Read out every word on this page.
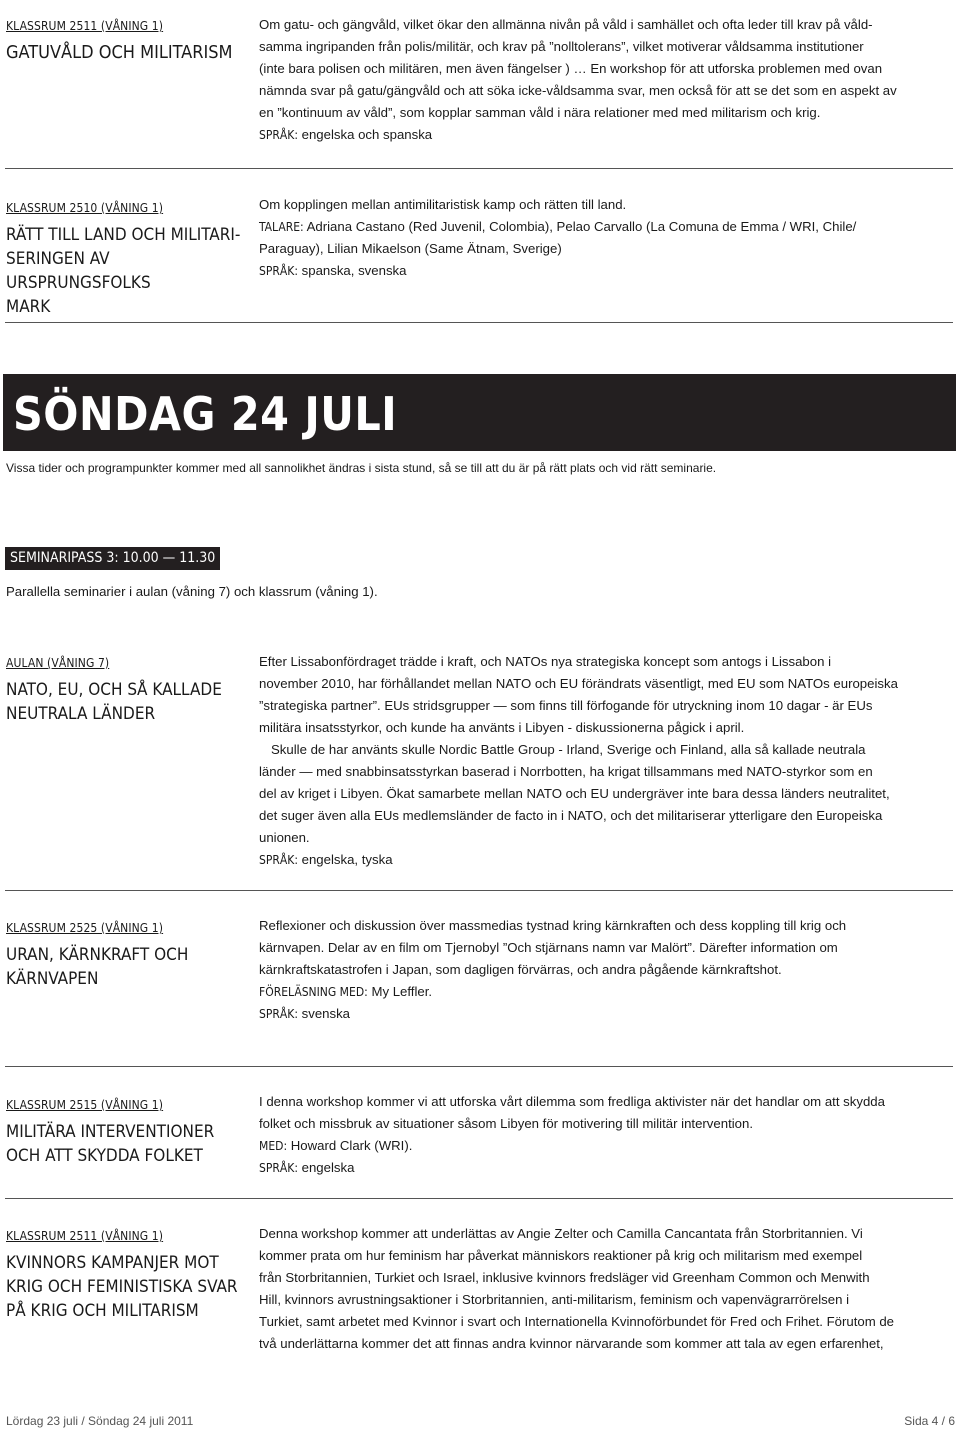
KLASSRUM 2511 (VÅNING 1)
GATUVÅLD OCH MILITARISM
Om gatu- och gängvåld, vilket ökar den allmänna nivån på våld i samhället och ofta leder till krav på våld-
samma ingripanden från polis/militär, och krav på ”nolltolerans”, vilket motiverar våldsamma institutioner
(inte bara polisen och militären, men även fängelser ) … En workshop för att utforska problemen med ovan
nämnda svar på gatu/gängvåld och att söka icke-våldsamma svar, men också för att se det som en aspekt av
en ”kontinuum av våld”, som kopplar samman våld i nära relationer med med militarism och krig.
SPRÅK: engelska och spanska
KLASSRUM 2510 (VÅNING 1)
RÄTT TILL LAND OCH MILITARI-
SERINGEN AV URSPRUNGSFOLKS
MARK
Om kopplingen mellan antimilitaristisk kamp och rätten till land.
TALARE: Adriana Castano (Red Juvenil, Colombia), Pelao Carvallo (La Comuna de Emma / WRI, Chile/
Paraguay), Lilian Mikaelson (Same Ätnam, Sverige)
SPRÅK: spanska, svenska
SÖNDAG 24 JULI
Vissa tider och programpunkter kommer med all sannolikhet ändras i sista stund, så se till att du är på rätt plats och vid rätt seminarie.
SEMINARIPASS 3: 10.00 — 11.30
Parallella seminarier i aulan (våning 7) och klassrum (våning 1).
AULAN (VÅNING 7)
NATO, EU, OCH SÅ KALLADE
NEUTRALA LÄNDER
Efter Lissabonfördraget trädde i kraft, och NATOs nya strategiska koncept som antogs i Lissabon i
november 2010, har förhållandet mellan NATO och EU förändrats väsentligt, med EU som NATOs europeiska
”strategiska partner”. EUs stridsgrupper — som finns till förfogande för utryckning inom 10 dagar - är EUs
militära insatsstyrkor, och kunde ha använts i Libyen - diskussionerna pågick i april.
Skulle de har använts skulle Nordic Battle Group - Irland, Sverige och Finland, alla så kallade neutrala
länder — med snabbinsatsstyrkan baserad i Norrbotten, ha krigat tillsammans med NATO-styrkor som en
del av kriget i Libyen. Ökat samarbete mellan NATO och EU undergräver inte bara dessa länders neutralitet,
det suger även alla EUs medlemsländer de facto in i NATO, och det militariserar ytterligare den Europeiska
unionen.
SPRÅK: engelska, tyska
KLASSRUM 2525 (VÅNING 1)
URAN, KÄRNKRAFT OCH
KÄRNVAPEN
Reflexioner och diskussion över massmedias tystnad kring kärnkraften och dess koppling till krig och
kärnvapen. Delar av en film om Tjernobyl ”Och stjärnans namn var Malört”. Därefter information om
kärnkraftskatastrofen i Japan, som dagligen förvärras, och andra pågående kärnkraftshot.
FÖRELÄSNING MED: My Leffler.
SPRÅK: svenska
KLASSRUM 2515 (VÅNING 1)
MILITÄRA INTERVENTIONER
OCH ATT SKYDDA FOLKET
I denna workshop kommer vi att utforska vårt dilemma som fredliga aktivister när det handlar om att skydda
folket och missbruk av situationer såsom Libyen för motivering till militär intervention.
MED: Howard Clark (WRI).
SPRÅK: engelska
KLASSRUM 2511 (VÅNING 1)
KVINNORS KAMPANJER MOT
KRIG OCH FEMINISTISKA SVAR
PÅ KRIG OCH MILITARISM
Denna workshop kommer att underlättas av Angie Zelter och Camilla Cancantata från Storbritannien. Vi
kommer prata om hur feminism har påverkat människors reaktioner på krig och militarism med exempel
från Storbritannien, Turkiet och Israel, inklusive kvinnors fredsläger vid Greenham Common och Menwith
Hill, kvinnors avrustningsaktioner i Storbritannien, anti-militarism, feminism och vapenvägrarrörelsen i
Turkiet, samt arbetet med Kvinnor i svart och Internationella Kvinnoförbundet för Fred och Frihet. Förutom de
två underlättarna kommer det att finnas andra kvinnor närvarande som kommer att tala av egen erfarenhet,
Lördag 23 juli / Söndag 24 juli 2011	Sida 4 / 6
